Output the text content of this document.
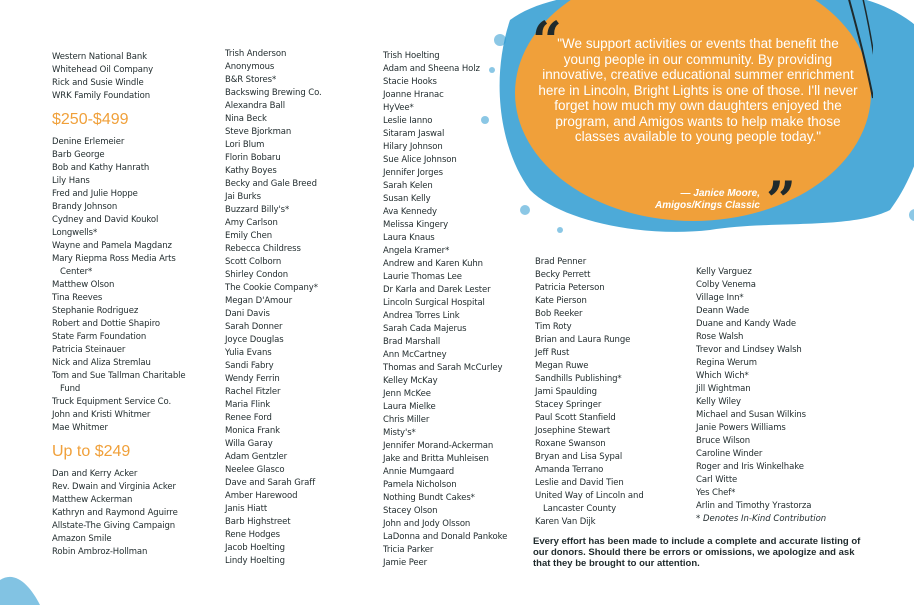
“
”
"We support activities or events that benefit the young people in our community. By providing innovative, creative educational summer enrichment here in Lincoln, Bright Lights is one of those. I'll never forget how much my own daughters enjoyed the program, and Amigos wants to help make those classes available to young people today."
— Janice Moore,
Amigos/Kings Classic
Western National Bank
Whitehead Oil Company
Rick and Susie Windle
WRK Family Foundation
$250-$499
Denine Erlemeier
Barb George
Bob and Kathy Hanrath
Lily Hans
Fred and Julie Hoppe
Brandy Johnson
Cydney and David Koukol
Longwells*
Wayne and Pamela Magdanz
Mary Riepma Ross Media Arts
Center*
Matthew Olson
Tina Reeves
Stephanie Rodriguez
Robert and Dottie Shapiro
State Farm Foundation
Patricia Steinauer
Nick and Aliza Stremlau
Tom and Sue Tallman Charitable
Fund
Truck Equipment Service Co.
John and Kristi Whitmer
Mae Whitmer
Up to $249
Dan and Kerry Acker
Rev. Dwain and Virginia Acker
Matthew Ackerman
Kathryn and Raymond Aguirre
Allstate-The Giving Campaign
Amazon Smile
Robin Ambroz-Hollman
Trish Anderson
Anonymous
B&R Stores*
Backswing Brewing Co.
Alexandra Ball
Nina Beck
Steve Bjorkman
Lori Blum
Florin Bobaru
Kathy Boyes
Becky and Gale Breed
Jai Burks
Buzzard Billy's*
Amy Carlson
Emily Chen
Rebecca Childress
Scott Colborn
Shirley Condon
The Cookie Company*
Megan D'Amour
Dani Davis
Sarah Donner
Joyce Douglas
Yulia Evans
Sandi Fabry
Wendy Ferrin
Rachel Fitzler
Maria Flink
Renee Ford
Monica Frank
Willa Garay
Adam Gentzler
Neelee Glasco
Dave and Sarah Graff
Amber Harewood
Janis Hiatt
Barb Highstreet
Rene Hodges
Jacob Hoelting
Lindy Hoelting
Trish Hoelting
Adam and Sheena Holz
Stacie Hooks
Joanne Hranac
HyVee*
Leslie Ianno
Sitaram Jaswal
Hilary Johnson
Sue Alice Johnson
Jennifer Jorges
Sarah Kelen
Susan Kelly
Ava Kennedy
Melissa Kingery
Laura Knaus
Angela Kramer*
Andrew and Karen Kuhn
Laurie Thomas Lee
Dr Karla and Darek Lester
Lincoln Surgical Hospital
Andrea Torres Link
Sarah Cada Majerus
Brad Marshall
Ann McCartney
Thomas and Sarah McCurley
Kelley McKay
Jenn McKee
Laura Mielke
Chris Miller
Misty's*
Jennifer Morand-Ackerman
Jake and Britta Muhleisen
Annie Mumgaard
Pamela Nicholson
Nothing Bundt Cakes*
Stacey Olson
John and Jody Olsson
LaDonna and Donald Pankoke
Tricia Parker
Jamie Peer
Brad Penner
Becky Perrett
Patricia Peterson
Kate Pierson
Bob Reeker
Tim Roty
Brian and Laura Runge
Jeff Rust
Megan Ruwe
Sandhills Publishing*
Jami Spaulding
Stacey Springer
Paul Scott Stanfield
Josephine Stewart
Roxane Swanson
Bryan and Lisa Sypal
Amanda Terrano
Leslie and David Tien
United Way of Lincoln and
Lancaster County
Karen Van Dijk
Kelly Varguez
Colby Venema
Village Inn*
Deann Wade
Duane and Kandy Wade
Rose Walsh
Trevor and Lindsey Walsh
Regina Werum
Which Wich*
Jill Wightman
Kelly Wiley
Michael and Susan Wilkins
Janie Powers Williams
Bruce Wilson
Caroline Winder
Roger and Iris Winkelhake
Carl Witte
Yes Chef*
Arlin and Timothy Yrastorza
* Denotes In-Kind Contribution
Every effort has been made to include a complete and accurate listing of our donors. Should there be errors or omissions, we apologize and ask that they be brought to our attention.
